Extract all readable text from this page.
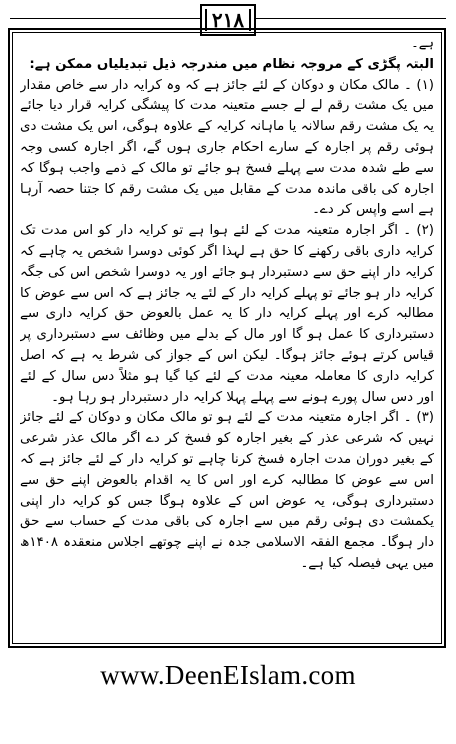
۲۱۸

ہے۔

البتہ پگڑی کے مروجہ نظام میں مندرجہ ذیل تبدیلیاں ممکن ہے:

(۱) ۔ مالک مکان و دوکان کے لئے جائز ہے کہ وہ کرایہ دار سے خاص مقدار میں یک مشت رقم لے لے جسے متعینہ مدت کا پیشگی کرایہ قرار دیا جائے یہ یک مشت رقم سالانہ یا ماہانہ کرایہ کے علاوہ ہوگی، اس یک مشت دی ہوئی رقم پر اجارہ کے سارے احکام جاری ہوں گے، اگر اجارہ کسی وجہ سے طے شدہ مدت سے پہلے فسخ ہو جائے تو مالک کے ذمے واجب ہوگا کہ اجارہ کی باقی ماندہ مدت کے مقابل میں یک مشت رقم کا جتنا حصہ آرہا ہے اسے واپس کر دے۔

(۲) ۔ اگر اجارہ متعینہ مدت کے لئے ہوا ہے تو کرایہ دار کو اس مدت تک کرایہ داری باقی رکھنے کا حق ہے لہذا اگر کوئی دوسرا شخص یہ چاہے کہ کرایہ دار اپنے حق سے دستبردار ہو جائے اور یہ دوسرا شخص اس کی جگہ کرایہ دار ہو جائے تو پہلے کرایہ دار کے لئے یہ جائز ہے کہ اس سے عوض کا مطالبہ کرے اور پہلے کرایہ دار کا یہ عمل بالعوض حق کرایہ داری سے دستبرداری کا عمل ہو گا اور مال کے بدلے میں وظائف سے دستبرداری پر قیاس کرتے ہوئے جائز ہوگا۔ لیکن اس کے جواز کی شرط یہ ہے کہ اصل کرایہ داری کا معاملہ معینہ مدت کے لئے کیا گیا ہو مثلاً دس سال کے لئے اور دس سال پورے ہونے سے پہلے پہلا کرایہ دار دستبردار ہو رہا ہو۔

(۳) ۔ اگر اجارہ متعینہ مدت کے لئے ہو تو مالک مکان و دوکان کے لئے جائز نہیں کہ شرعی عذر کے بغیر اجارہ کو فسخ کر دے اگر مالک عذر شرعی کے بغیر دوران مدت اجارہ فسخ کرنا چاہے تو کرایہ دار کے لئے جائز ہے کہ اس سے عوض کا مطالبہ کرے اور اس کا یہ اقدام بالعوض اپنے حق سے دستبرداری ہوگی، یہ عوض اس کے علاوہ ہوگا جس کو کرایہ دار اپنی یکمشت دی ہوئی رقم میں سے اجارہ کی باقی مدت کے حساب سے حق دار ہوگا۔ مجمع الفقہ الاسلامی جدہ نے اپنے چوتھے اجلاس منعقدہ ۱۴۰۸ھ میں یہی فیصلہ کیا ہے۔

www.DeenEIslam.com
